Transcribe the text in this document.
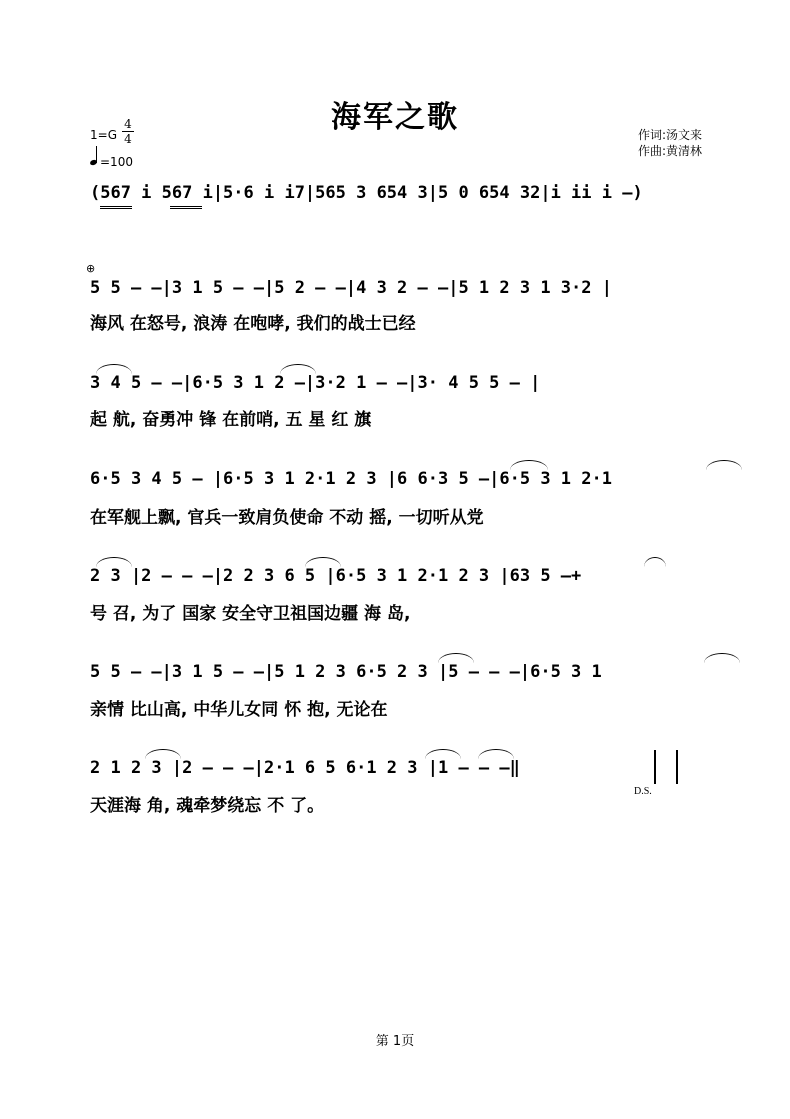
海军之歌
1=G
4
4
=100
作词:汤文来
作曲:黄清林
(567 i 567 i|5·6 i i7|565 3 654 3|5 0 654 32|i ii i –)
⊕
5 5 – –|3 1 5 – –|5 2 – –|4 3 2 – –|5 1 2 3 1 3·2 |
海风 在怒号, 浪涛 在咆哮, 我们的战士已经
3 4 5 – –|6·5 3 1 2 –|3·2 1 – –|3· 4 5 5 – |
起 航, 奋勇冲 锋 在前哨, 五 星 红 旗
6·5 3 4 5 – |6·5 3 1 2·1 2 3 |6 6·3 5 –|6·5 3 1 2·1
在军舰上飘, 官兵一致肩负使命 不动 摇, 一切听从党
2 3 |2 – – –|2 2 3 6 5 |6·5 3 1 2·1 2 3 |63 5 –+
号 召, 为了 国家 安全守卫祖国边疆 海 岛,
5 5 – –|3 1 5 – –|5 1 2 3 6·5 2 3 |5 – – –|6·5 3 1
亲情 比山高, 中华儿女同 怀 抱, 无论在
2 1 2 3 |2 – – –|2·1 6 5 6·1 2 3 |1 – – –‖
天涯海 角, 魂牵梦绕忘 不 了。
D.S.
第 1页
